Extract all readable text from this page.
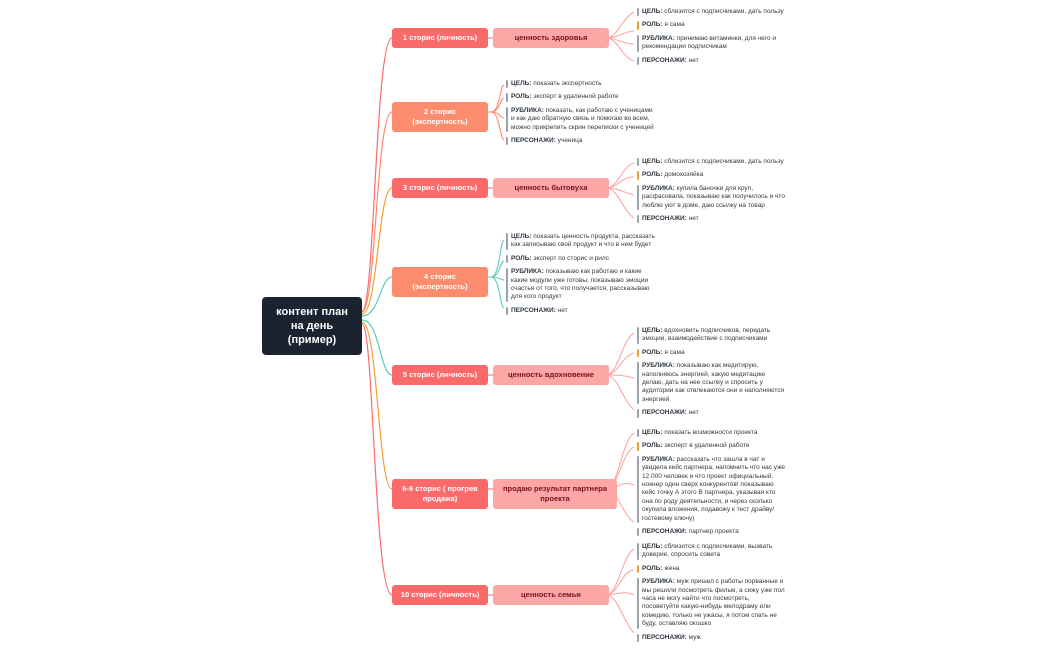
контент план на день (пример)
1 сторис (личность)	ценность здоровья
ЦЕЛЬ: сблизится с подписчиками, дать пользу
РОЛЬ: я сама
РУБЛИКА: принимаю витаминки, для чего и рекомендации подписчикам
ПЕРСОНАЖИ: нет
2 сторис (экспертность)
ЦЕЛЬ: показать экспертность
РОЛЬ: эксперт в удаленной работе
РУБЛИКА: показать, как работаю с ученицами и как даю обратную связь и помогаю во всем, можно прикрепить скрин переписки с ученицей
ПЕРСОНАЖИ: ученица
3 сторис (личность)	ценность бытовуха
ЦЕЛЬ: сблизится с подписчиками, дать пользу
РОЛЬ: домохозяйка
РУБЛИКА: купила баночки для круп, расфасовала, показываю как получилось и что люблю уют в доме, даю ссылку на товар
ПЕРСОНАЖИ: нет
4 сторис (экспертность)
ЦЕЛЬ: показать ценность продукта, рассказать как записываю свой продукт и что в нем будет
РОЛЬ: эксперт по сторис и рилс
РУБЛИКА: показываю как работаю и какие какие модули уже готовы, показываю эмоции счастья от того, что получается, рассказываю для кого продукт
ПЕРСОНАЖИ: нет
5 сторис (личность)	ценность вдохновение
ЦЕЛЬ: вдохновить подписчиков, передать эмоции, взаимодействие с подписчиками
РОЛЬ: я сама
РУБЛИКА: показываю как медитирую, наполняюсь энергией, какую медитацию делаю, дать на нее ссылку и спросить у аудитории как отвлекаются они и наполняются энергией
ПЕРСОНАЖИ: нет
6-9 сторис ( прогрев продажа)
продаю результат партнера проекта
ЦЕЛЬ: показать возможности проекта
РОЛЬ: эксперт в удаленной работе
РУБЛИКА: рассказать что зашла в чат и увидела кейс партнера, напомнить что нас уже 12.000 человек и что проект официальный, нокнер один сверх конкурентов! показываю кейс точку А этого В партнера, указывая кто она по роду деятельности, и через сколько окупила вложения, подавожу к тест драйву/гостевому ключу)
ПЕРСОНАЖИ: партнер проекта
10 сторис (личность)	ценность семьи
ЦЕЛЬ: сблизится с подписчиками, вызвать доверие, спросить совета
РОЛЬ: жена
РУБЛИКА: муж пришел с работы порванные и мы решили посмотреть фильм, а сижу уже пол часа не могу найти что посмотреть, посоветуйте какую-нибудь мелодраму или комедию, только не ужасы, я потом спать не буду, оставляю окошко
ПЕРСОНАЖИ: муж
